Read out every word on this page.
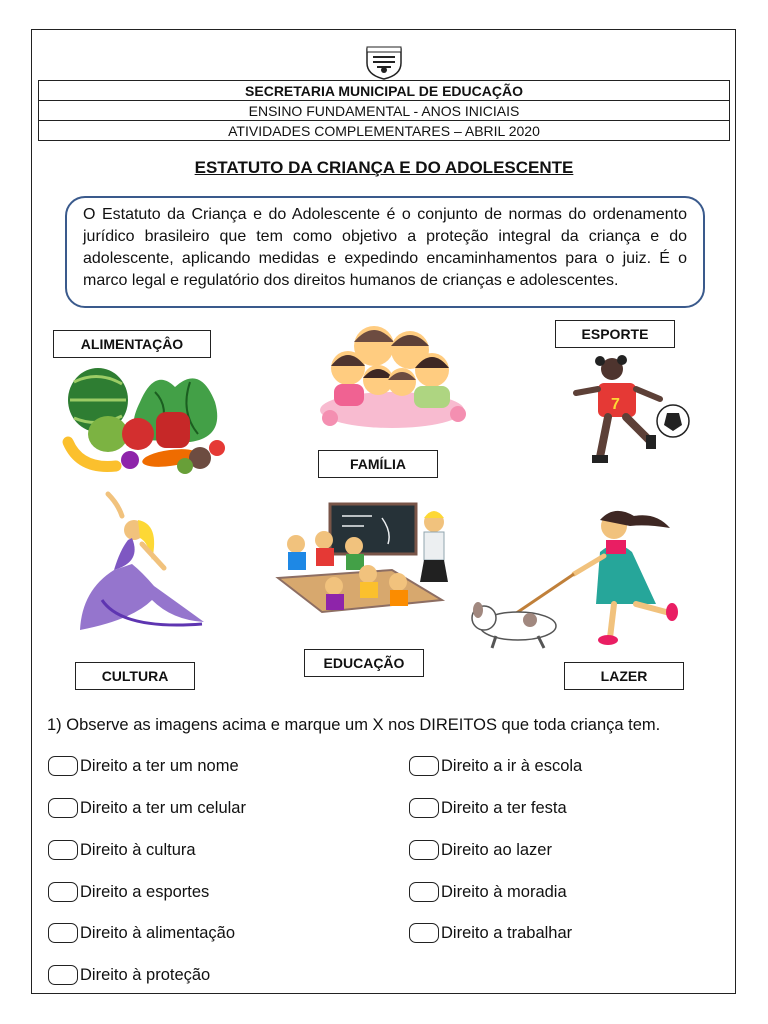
SECRETARIA MUNICIPAL DE EDUCAÇÃO
ENSINO FUNDAMENTAL - ANOS INICIAIS
ATIVIDADES COMPLEMENTARES – ABRIL 2020
ESTATUTO DA CRIANÇA E DO ADOLESCENTE

O Estatuto da Criança e do Adolescente é o conjunto de normas do ordenamento jurídico brasileiro que tem como objetivo a proteção integral da criança e do adolescente, aplicando medidas e expedindo encaminhamentos para o juiz. É o marco legal e regulatório dos direitos humanos de crianças e adolescentes.

ALIMENTAÇÂO
FAMÍLIA
ESPORTE
CULTURA
EDUCAÇÃO
LAZER
7
1) Observe as imagens acima e marque um X nos DIREITOS que toda criança tem.
Direito a ter um nome
Direito a ter um celular
Direito à cultura
Direito a esportes
Direito à alimentação
Direito à proteção
Direito a ir à escola
Direito a ter festa
Direito ao lazer
Direito à moradia
Direito a trabalhar
